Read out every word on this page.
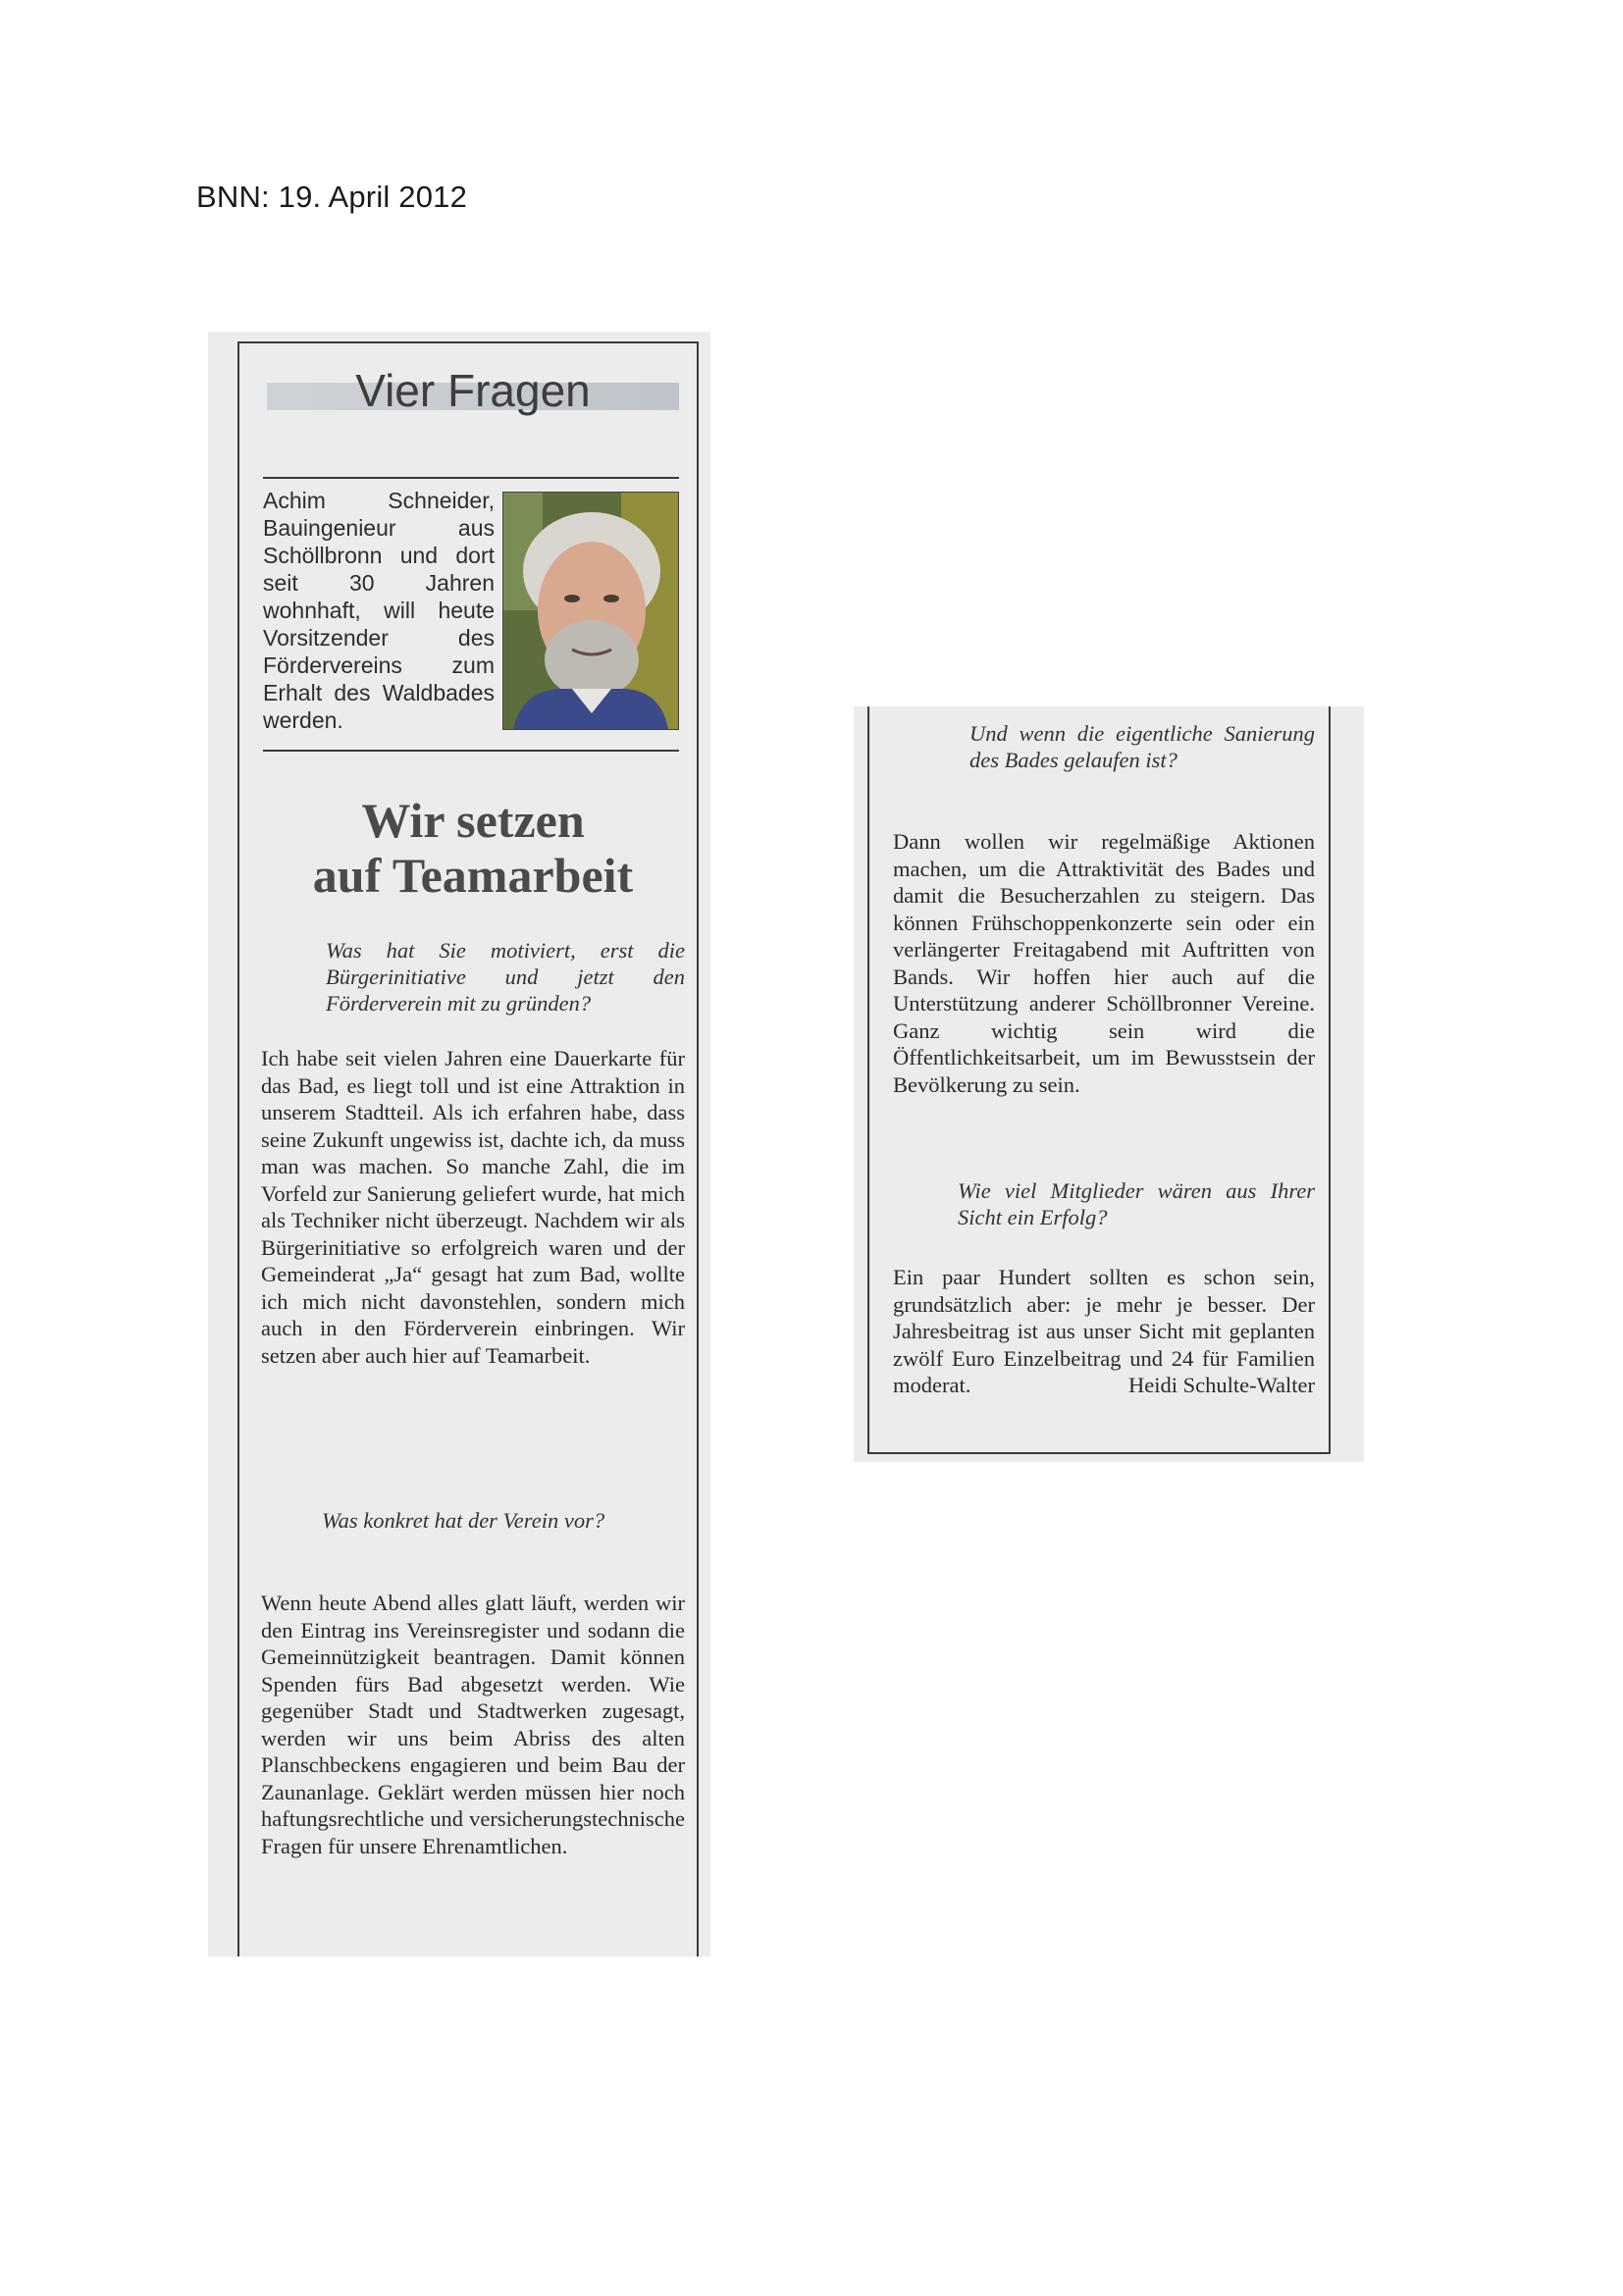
BNN: 19. April 2012
Vier Fragen
Achim Schneider, Bauingenieur aus Schöllbronn und dort seit 30 Jahren wohnhaft, will heute Vorsitzender des Fördervereins zum Erhalt des Waldbades werden.
Wir setzen
auf Teamarbeit
Was hat Sie motiviert, erst die Bürgerinitiative und jetzt den Förderverein mit zu gründen?
Ich habe seit vielen Jahren eine Dauerkarte für das Bad, es liegt toll und ist eine Attraktion in unserem Stadtteil. Als ich erfahren habe, dass seine Zukunft ungewiss ist, dachte ich, da muss man was machen. So manche Zahl, die im Vorfeld zur Sanierung geliefert wurde, hat mich als Techniker nicht überzeugt. Nachdem wir als Bürgerinitiative so erfolgreich waren und der Gemeinderat „Ja“ gesagt hat zum Bad, wollte ich mich nicht davonstehlen, sondern mich auch in den Förderverein einbringen. Wir setzen aber auch hier auf Teamarbeit.
Was konkret hat der Verein vor?
Wenn heute Abend alles glatt läuft, werden wir den Eintrag ins Vereinsregister und sodann die Gemeinnützigkeit beantragen. Damit können Spenden fürs Bad abgesetzt werden. Wie gegenüber Stadt und Stadtwerken zugesagt, werden wir uns beim Abriss des alten Planschbeckens engagieren und beim Bau der Zaunanlage. Geklärt werden müssen hier noch haftungsrechtliche und versicherungstechnische Fragen für unsere Ehrenamtlichen.
Und wenn die eigentliche Sanierung des Bades gelaufen ist?
Dann wollen wir regelmäßige Aktionen machen, um die Attraktivität des Bades und damit die Besucherzahlen zu steigern. Das können Frühschoppenkonzerte sein oder ein verlängerter Freitagabend mit Auftritten von Bands. Wir hoffen hier auch auf die Unterstützung anderer Schöllbronner Vereine. Ganz wichtig sein wird die Öffentlichkeitsarbeit, um im Bewusstsein der Bevölkerung zu sein.
Wie viel Mitglieder wären aus Ihrer Sicht ein Erfolg?
Ein paar Hundert sollten es schon sein, grundsätzlich aber: je mehr je besser. Der Jahresbeitrag ist aus unser Sicht mit geplanten zwölf Euro Einzelbeitrag und 24 für Familien moderat.	Heidi Schulte-Walter
